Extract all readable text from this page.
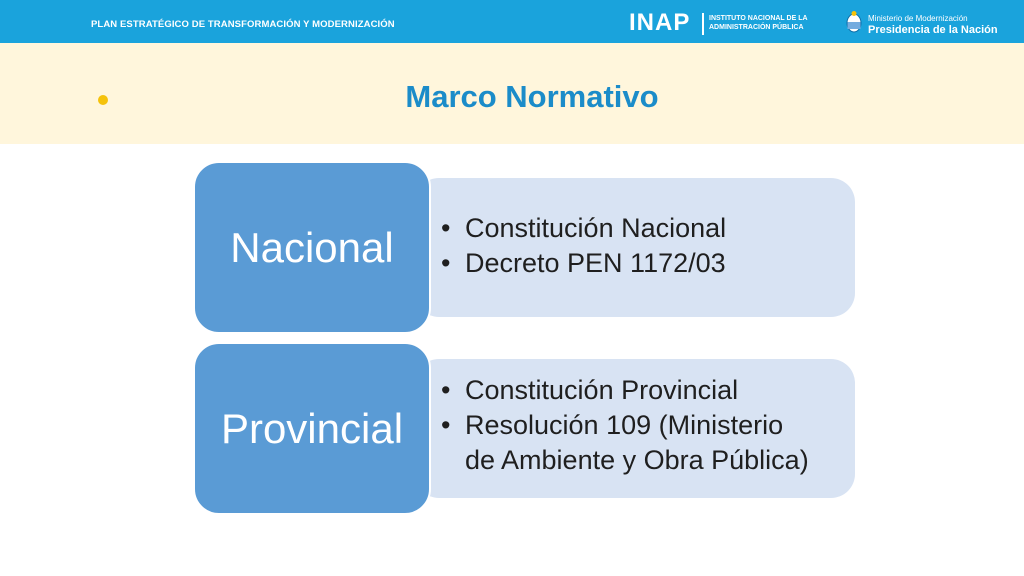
PLAN ESTRATÉGICO DE TRANSFORMACIÓN Y MODERNIZACIÓN	INAP	INSTITUTO NACIONAL DE LA
ADMINISTRACIÓN PÚBLICA
Ministerio de Modernización
Presidencia de la Nación
Marco Normativo
• Constitución Nacional
• Decreto PEN 1172/03
Nacional
• Constitución Provincial
• Resolución 109 (Ministerio
de Ambiente y Obra Pública)
Provincial
